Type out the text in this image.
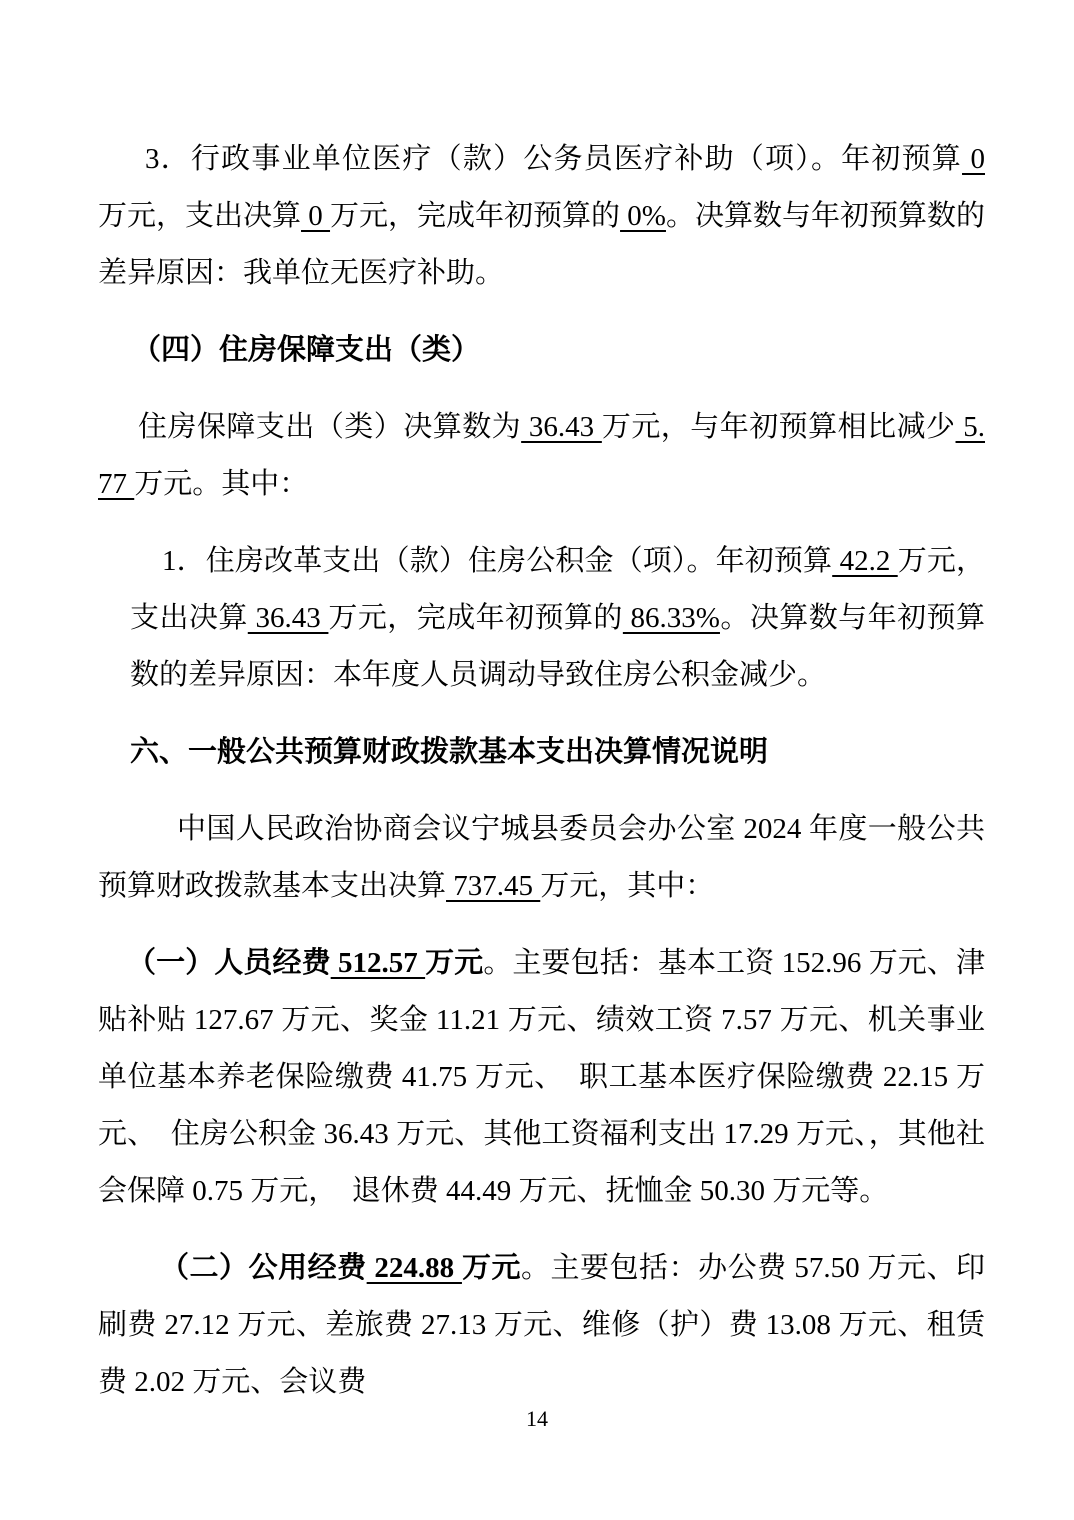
3．行政事业单位医疗（款）公务员医疗补助（项）。年初预算 0 万元，支出决算 0 万元，完成年初预算的 0%。决算数与年初预算数的差异原因：我单位无医疗补助。
（四）住房保障支出（类）
住房保障支出（类）决算数为 36.43 万元，与年初预算相比减少 5.77 万元。其中：
1．住房改革支出（款）住房公积金（项）。年初预算 42.2 万元，支出决算 36.43 万元，完成年初预算的 86.33%。决算数与年初预算数的差异原因：本年度人员调动导致住房公积金减少。
六、一般公共预算财政拨款基本支出决算情况说明
中国人民政治协商会议宁城县委员会办公室 2024 年度一般公共预算财政拨款基本支出决算 737.45 万元，其中：
（一）人员经费 512.57 万元。主要包括：基本工资 152.96 万元、津贴补贴 127.67 万元、奖金 11.21 万元、绩效工资 7.57 万元、机关事业单位基本养老保险缴费 41.75 万元、　职工基本医疗保险缴费 22.15 万元、　住房公积金 36.43 万元、其他工资福利支出 17.29 万元、，其他社会保障 0.75 万元，　退休费 44.49 万元、抚恤金 50.30 万元等。
（二）公用经费 224.88 万元。主要包括：办公费 57.50 万元、印刷费 27.12 万元、差旅费 27.13 万元、维修（护）费 13.08 万元、租赁费 2.02 万元、会议费
14
